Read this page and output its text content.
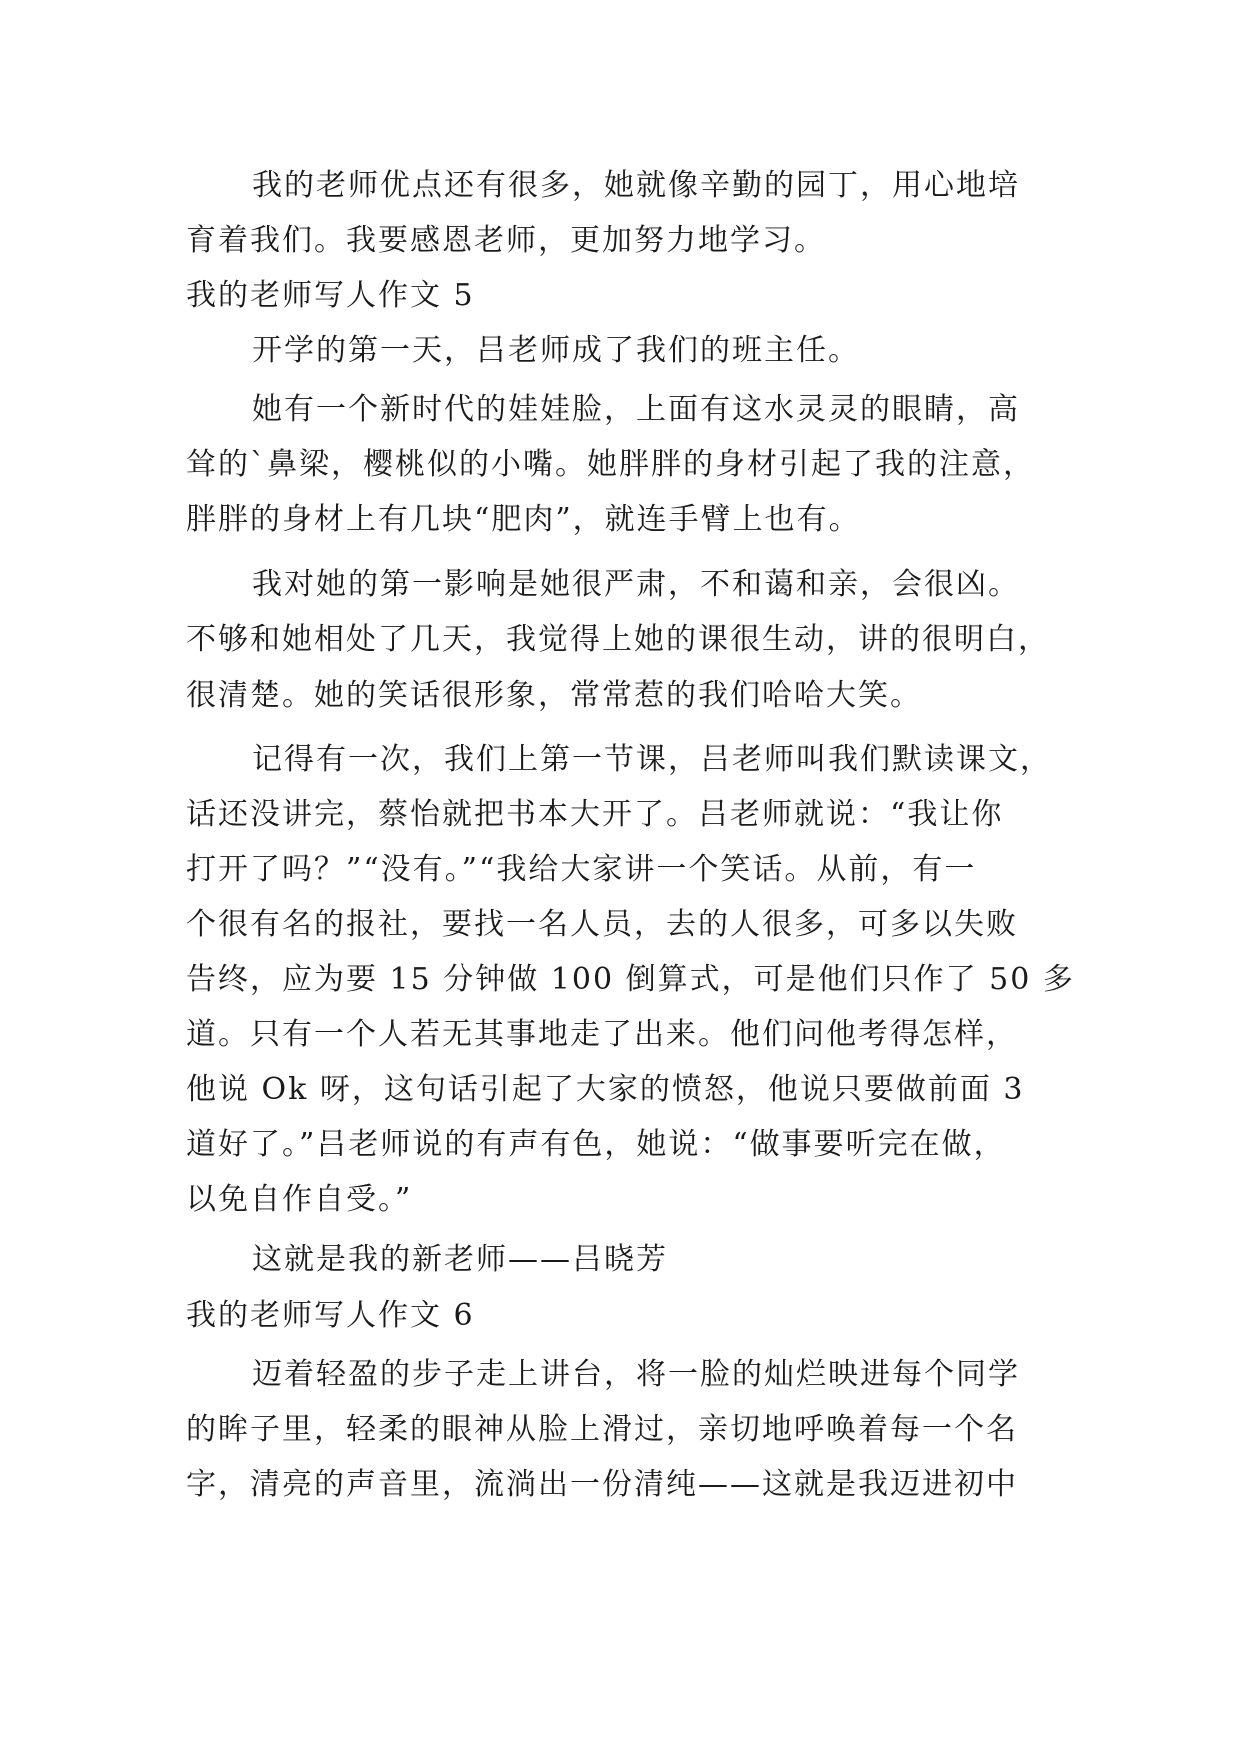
我的老师优点还有很多，她就像辛勤的园丁，用心地培

育着我们。我要感恩老师，更加努力地学习。

我的老师写人作文 5

开学的第一天，吕老师成了我们的班主任。

她有一个新时代的娃娃脸，上面有这水灵灵的眼睛，高

耸的`鼻梁，樱桃似的小嘴。她胖胖的身材引起了我的注意，

胖胖的身材上有几块“肥肉”，就连手臂上也有。

我对她的第一影响是她很严肃，不和蔼和亲，会很凶。

不够和她相处了几天，我觉得上她的课很生动，讲的很明白，

很清楚。她的笑话很形象，常常惹的我们哈哈大笑。

记得有一次，我们上第一节课，吕老师叫我们默读课文，

话还没讲完，蔡怡就把书本大开了。吕老师就说：“我让你

打开了吗？”“没有。”“我给大家讲一个笑话。从前，有一

个很有名的报社，要找一名人员，去的人很多，可多以失败

告终，应为要 15 分钟做 100 倒算式，可是他们只作了 50 多

道。只有一个人若无其事地走了出来。他们问他考得怎样，

他说 Ok 呀，这句话引起了大家的愤怒，他说只要做前面 3

道好了。”吕老师说的有声有色，她说：“做事要听完在做，

以免自作自受。”

这就是我的新老师——吕晓芳

我的老师写人作文 6

迈着轻盈的步子走上讲台，将一脸的灿烂映进每个同学

的眸子里，轻柔的眼神从脸上滑过，亲切地呼唤着每一个名

字，清亮的声音里，流淌出一份清纯——这就是我迈进初中
